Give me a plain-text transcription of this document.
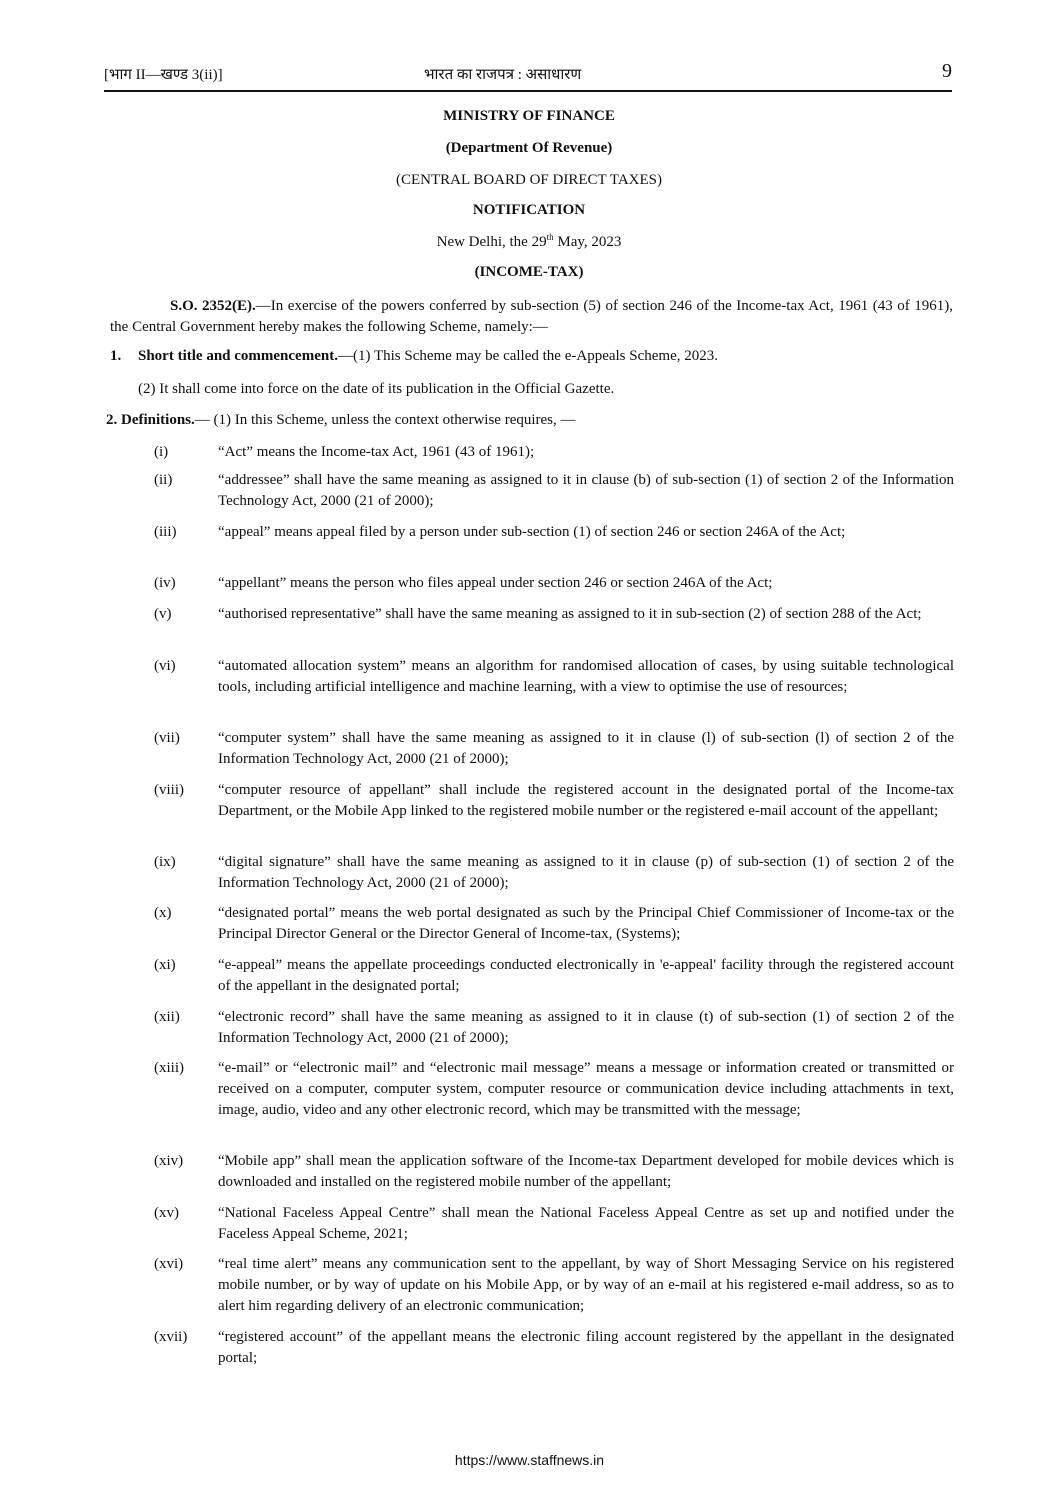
[भाग II—खण्ड 3(ii)]	भारत का राजपत्र : असाधारण	9
MINISTRY OF FINANCE
(Department Of Revenue)
(CENTRAL BOARD OF DIRECT TAXES)
NOTIFICATION
New Delhi, the 29th May, 2023
(INCOME-TAX)
S.O. 2352(E).—In exercise of the powers conferred by sub-section (5) of section 246 of the Income-tax Act, 1961 (43 of 1961), the Central Government hereby makes the following Scheme, namely:—
1. Short title and commencement.—(1) This Scheme may be called the e-Appeals Scheme, 2023.
(2) It shall come into force on the date of its publication in the Official Gazette.
2. Definitions.— (1) In this Scheme, unless the context otherwise requires, —
(i)	“Act” means the Income-tax Act, 1961 (43 of 1961);
(ii)	“addressee” shall have the same meaning as assigned to it in clause (b) of sub-section (1) of section 2 of the Information Technology Act, 2000 (21 of 2000);
(iii)	“appeal” means appeal filed by a person under sub-section (1) of section 246 or section 246A of the Act;
(iv)	“appellant” means the person who files appeal under section 246 or section 246A of the Act;
(v)	“authorised representative” shall have the same meaning as assigned to it in sub-section (2) of section 288 of the Act;
(vi)	“automated allocation system” means an algorithm for randomised allocation of cases, by using suitable technological tools, including artificial intelligence and machine learning, with a view to optimise the use of resources;
(vii)	“computer system” shall have the same meaning as assigned to it in clause (l) of sub-section (l) of section 2 of the Information Technology Act, 2000 (21 of 2000);
(viii) “computer resource of appellant” shall include the registered account in the designated portal of the Income-tax Department, or the Mobile App linked to the registered mobile number or the registered e-mail account of the appellant;
(ix)	“digital signature” shall have the same meaning as assigned to it in clause (p) of sub-section (1) of section 2 of the Information Technology Act, 2000 (21 of 2000);
(x)	“designated portal” means the web portal designated as such by the Principal Chief Commissioner of Income-tax or the Principal Director General or the Director General of Income-tax, (Systems);
(xi)	“e-appeal” means the appellate proceedings conducted electronically in 'e-appeal' facility through the registered account of the appellant in the designated portal;
(xii)	“electronic record” shall have the same meaning as assigned to it in clause (t) of sub-section (1) of section 2 of the Information Technology Act, 2000 (21 of 2000);
(xiii) “e-mail” or “electronic mail” and “electronic mail message” means a message or information created or transmitted or received on a computer, computer system, computer resource or communication device including attachments in text, image, audio, video and any other electronic record, which may be transmitted with the message;
(xiv) “Mobile app” shall mean the application software of the Income-tax Department developed for mobile devices which is downloaded and installed on the registered mobile number of the appellant;
(xv)	“National Faceless Appeal Centre” shall mean the National Faceless Appeal Centre as set up and notified under the Faceless Appeal Scheme, 2021;
(xvi) “real time alert” means any communication sent to the appellant, by way of Short Messaging Service on his registered mobile number, or by way of update on his Mobile App, or by way of an e-mail at his registered e-mail address, so as to alert him regarding delivery of an electronic communication;
(xvii) “registered account” of the appellant means the electronic filing account registered by the appellant in the designated portal;
https://www.staffnews.in
